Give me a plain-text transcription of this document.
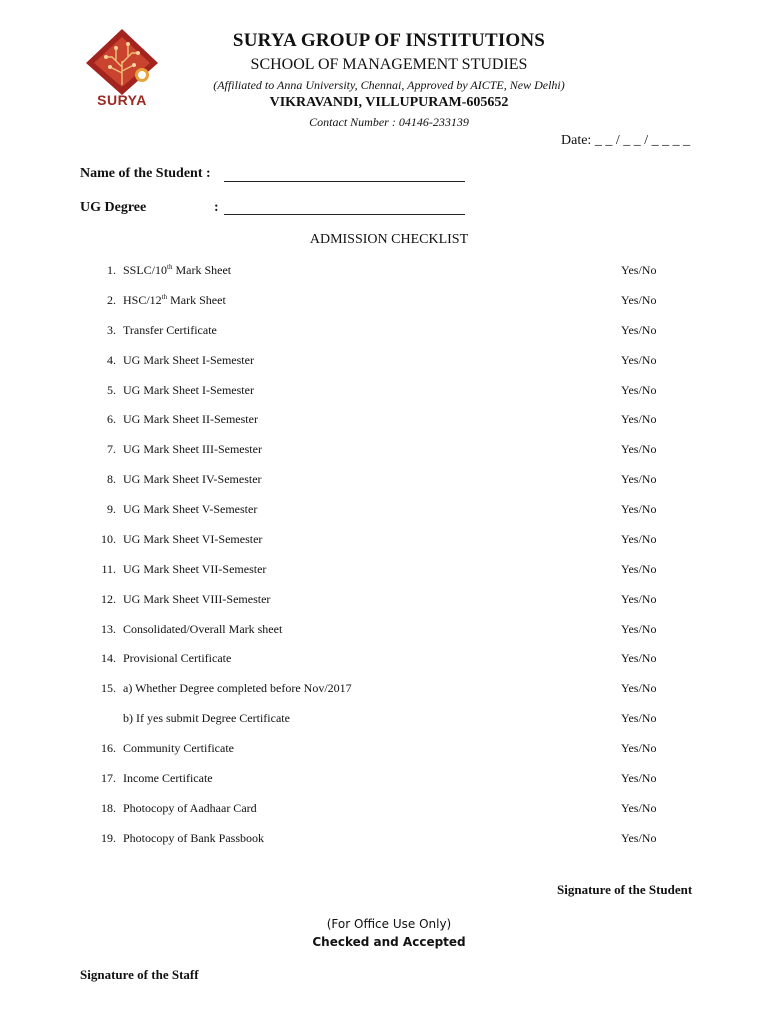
SURYA
SURYA GROUP OF INSTITUTIONS
SCHOOL OF MANAGEMENT STUDIES
(Affiliated to Anna University, Chennai, Approved by AICTE, New Delhi)
VIKRAVANDI, VILLUPURAM-605652
Contact Number : 04146-233139
Date: _ _ / _ _ / _ _ _ _
Name of the Student :
UG Degree	:
ADMISSION CHECKLIST
1. SSLC/10th Mark Sheet	Yes/No
2. HSC/12th Mark Sheet	Yes/No
3. Transfer Certificate	Yes/No
4. UG Mark Sheet I-Semester	Yes/No
5. UG Mark Sheet I-Semester	Yes/No
6. UG Mark Sheet II-Semester	Yes/No
7. UG Mark Sheet III-Semester	Yes/No
8. UG Mark Sheet IV-Semester	Yes/No
9. UG Mark Sheet V-Semester	Yes/No
10. UG Mark Sheet VI-Semester	Yes/No
11. UG Mark Sheet VII-Semester	Yes/No
12. UG Mark Sheet VIII-Semester	Yes/No
13. Consolidated/Overall Mark sheet	Yes/No
14. Provisional Certificate	Yes/No
15. a) Whether Degree completed before Nov/2017	Yes/No
b) If yes submit Degree Certificate	Yes/No
16. Community Certificate	Yes/No
17. Income Certificate	Yes/No
18. Photocopy of Aadhaar Card	Yes/No
19. Photocopy of Bank Passbook	Yes/No
Signature of the Student
(For Office Use Only)
Checked and Accepted
Signature of the Staff
